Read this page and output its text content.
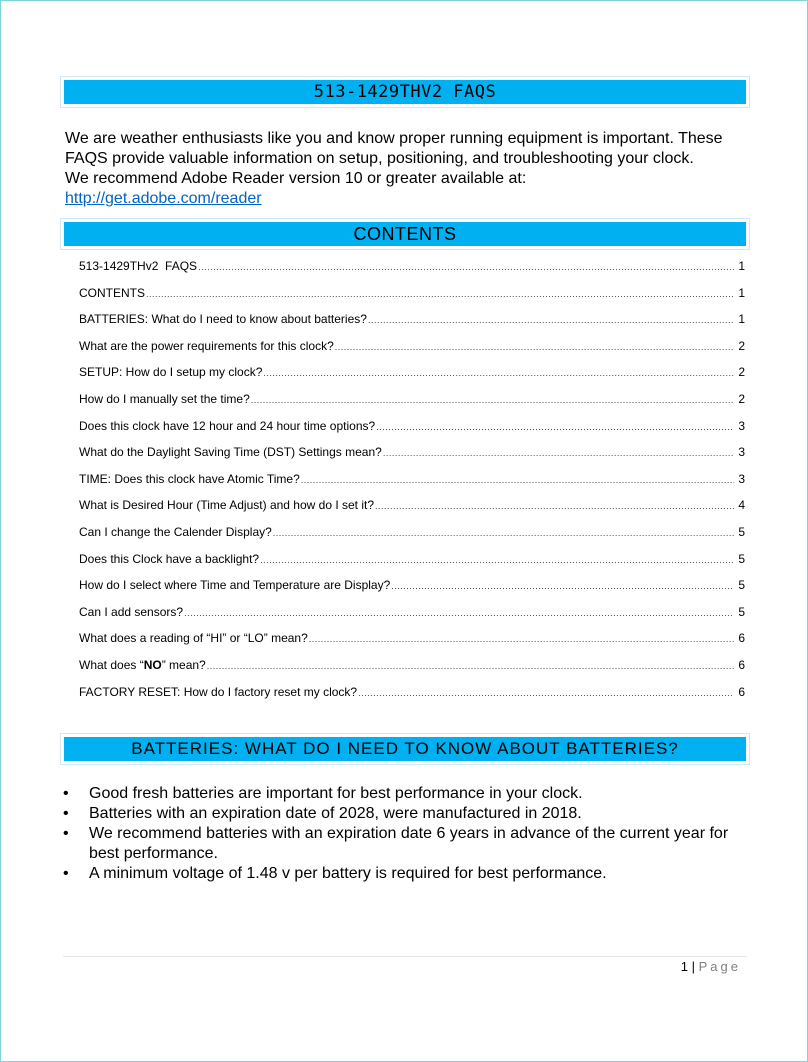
513-1429THV2 FAQS

We are weather enthusiasts like you and know proper running equipment is important. These FAQS provide valuable information on setup, positioning, and troubleshooting your clock.

We recommend Adobe Reader version 10 or greater available at:

http://get.adobe.com/reader

CONTENTS
513-1429THv2  FAQS .....	1
CONTENTS .....	1
BATTERIES: What do I need to know about batteries? .....	1
What are the power requirements for this clock? .....	2
SETUP: How do I setup my clock? .....	2
How do I manually set the time? .....	2
Does this clock have 12 hour and 24 hour time options? .....	3
What do the Daylight Saving Time (DST) Settings mean? .....	3
TIME: Does this clock have Atomic Time? .....	3
What is Desired Hour (Time Adjust) and how do I set it? .....	4
Can I change the Calender Display? .....	5
Does this Clock have a backlight? .....	5
How do I select where Time and Temperature are Display? .....	5
Can I add sensors? .....	5
What does a reading of “HI” or “LO” mean? .....	6
What does “NO” mean? .....	6
FACTORY RESET: How do I factory reset my clock? .....	6
BATTERIES: WHAT DO I NEED TO KNOW ABOUT BATTERIES?
• Good fresh batteries are important for best performance in your clock.
• Batteries with an expiration date of 2028, were manufactured in 2018.
• We recommend batteries with an expiration date 6 years in advance of the current year for best performance.
• A minimum voltage of 1.48 v per battery is required for best performance.
1 | Page
